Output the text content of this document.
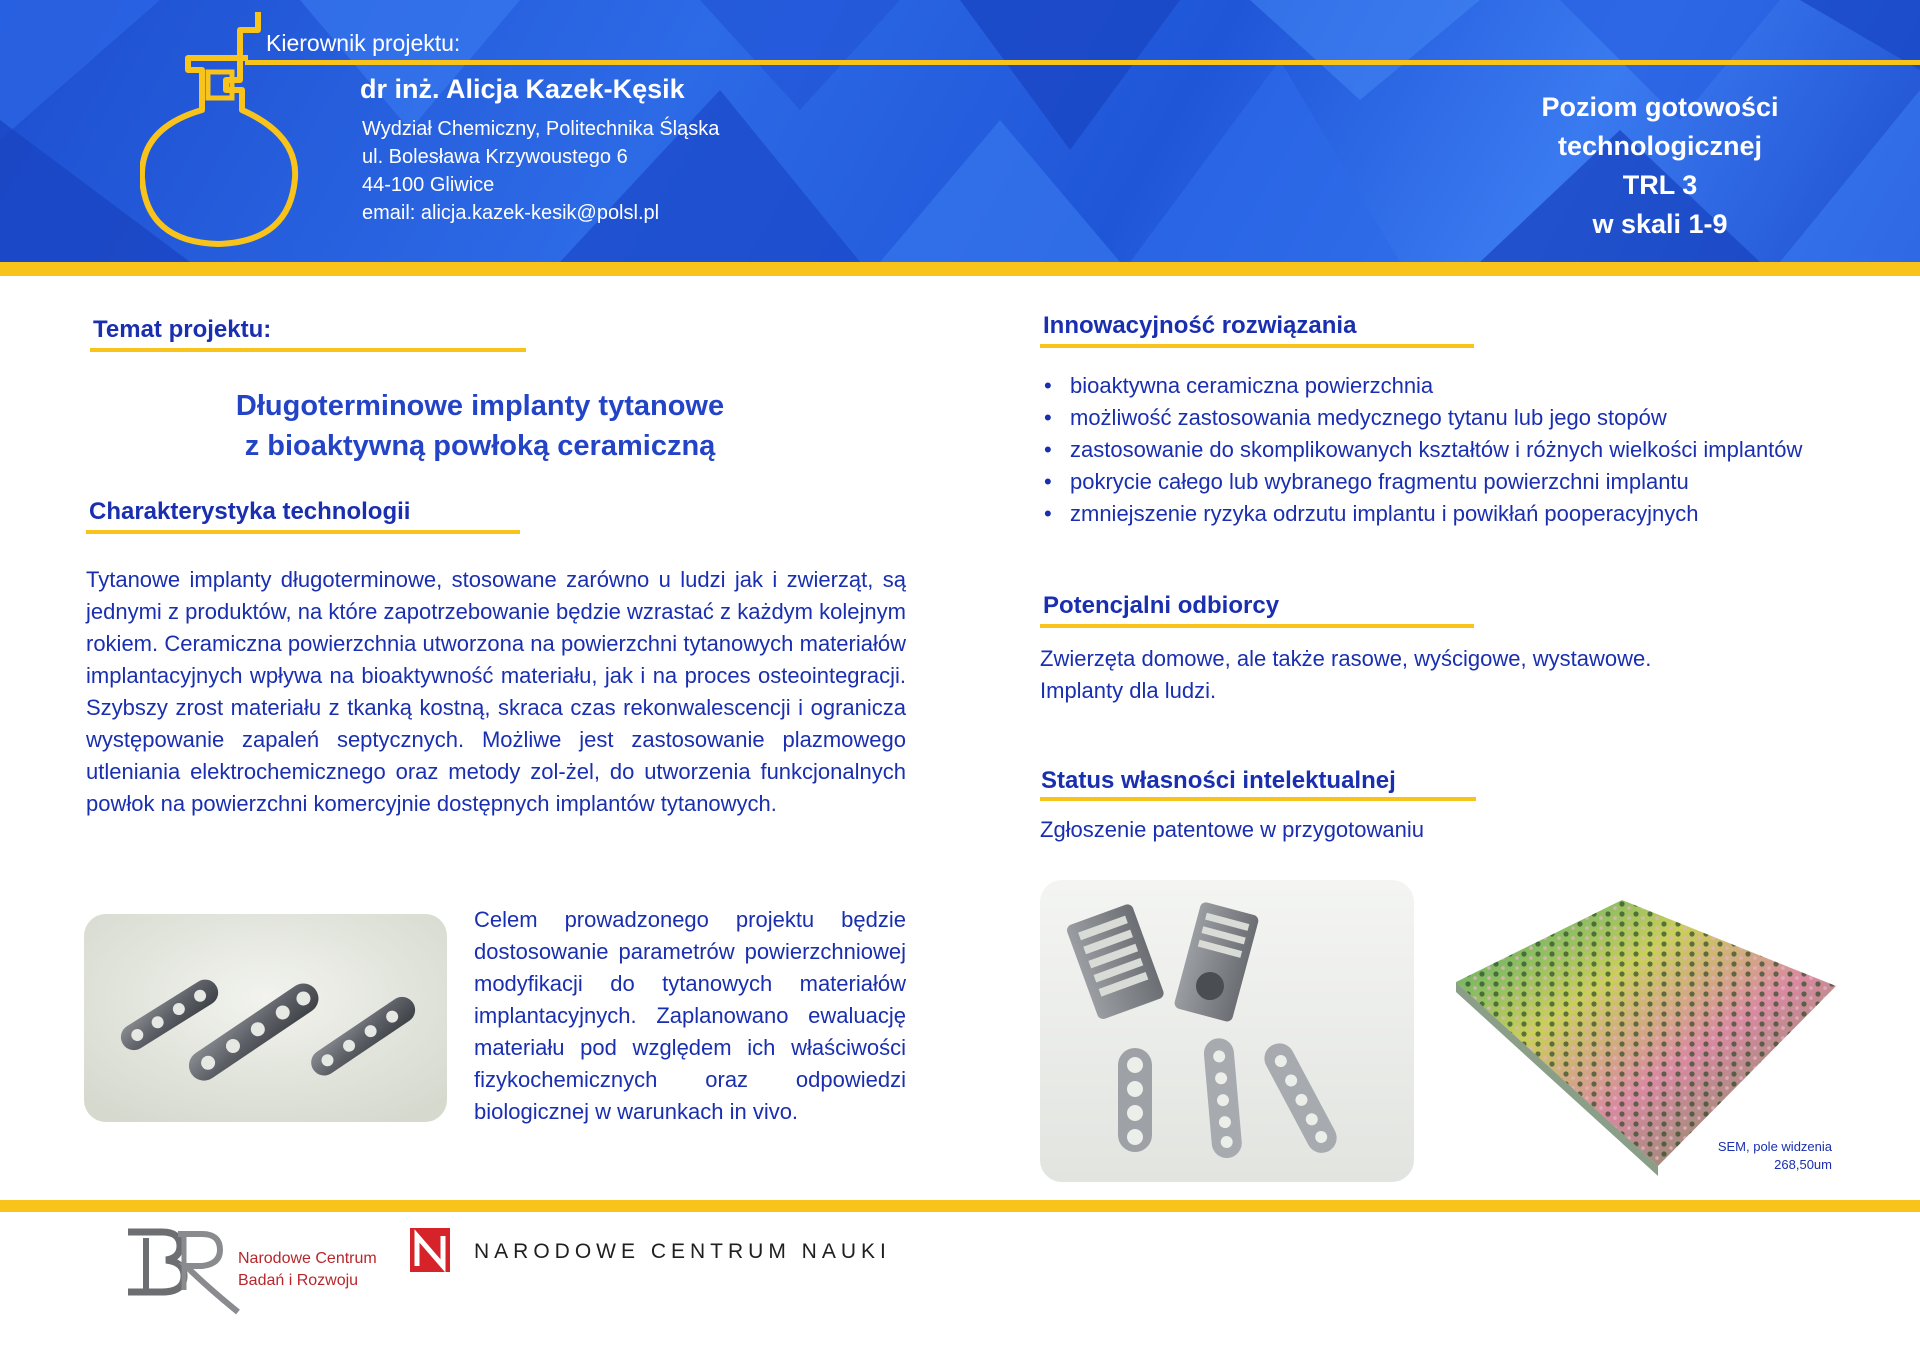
Kierownik projektu:
dr inż. Alicja Kazek-Kęsik
Wydział Chemiczny, Politechnika Śląska
ul. Bolesława Krzywoustego 6
44-100 Gliwice
email: alicja.kazek-kesik@polsl.pl
Poziom gotowości
technologicznej
TRL 3
w skali 1-9
Temat projektu:
Długoterminowe implanty tytanowe
z bioaktywną powłoką ceramiczną
Charakterystyka technologii
Tytanowe implanty długoterminowe, stosowane zarówno u ludzi jak i zwierząt, są jednymi z produktów, na które zapotrzebowanie będzie wzrastać z każdym kolejnym rokiem. Ceramiczna powierzchnia utworzona na powierzchni tytanowych materiałów implantacyjnych wpływa na bioaktywność materiału, jak i na proces osteointegracji. Szybszy zrost materiału z tkanką kostną, skraca czas rekonwalescencji i ogranicza występowanie zapaleń septycznych. Możliwe jest zastosowanie plazmowego utleniania elektrochemicznego oraz metody zol-żel, do utworzenia funkcjonalnych powłok na powierzchni komercyjnie dostępnych implantów tytanowych.
Celem prowadzonego projektu będzie dostosowanie parametrów powierzchniowej modyfikacji do tytanowych materiałów implantacyjnych. Zaplanowano ewaluację materiału pod względem ich właściwości fizykochemicznych oraz odpowiedzi biologicznej w warunkach in vivo.
Innowacyjność rozwiązania
• bioaktywna ceramiczna powierzchnia
• możliwość zastosowania medycznego tytanu lub jego stopów
• zastosowanie do skomplikowanych kształtów i różnych wielkości implantów
• pokrycie całego lub wybranego fragmentu powierzchni implantu
• zmniejszenie ryzyka odrzutu implantu i powikłań pooperacyjnych
Potencjalni odbiorcy
Zwierzęta domowe, ale także rasowe, wyścigowe, wystawowe.
Implanty dla ludzi.
Status własności intelektualnej
Zgłoszenie patentowe w przygotowaniu
SEM, pole widzenia
268,50um
Narodowe Centrum
Badań i Rozwoju
NARODOWE CENTRUM NAUKI
